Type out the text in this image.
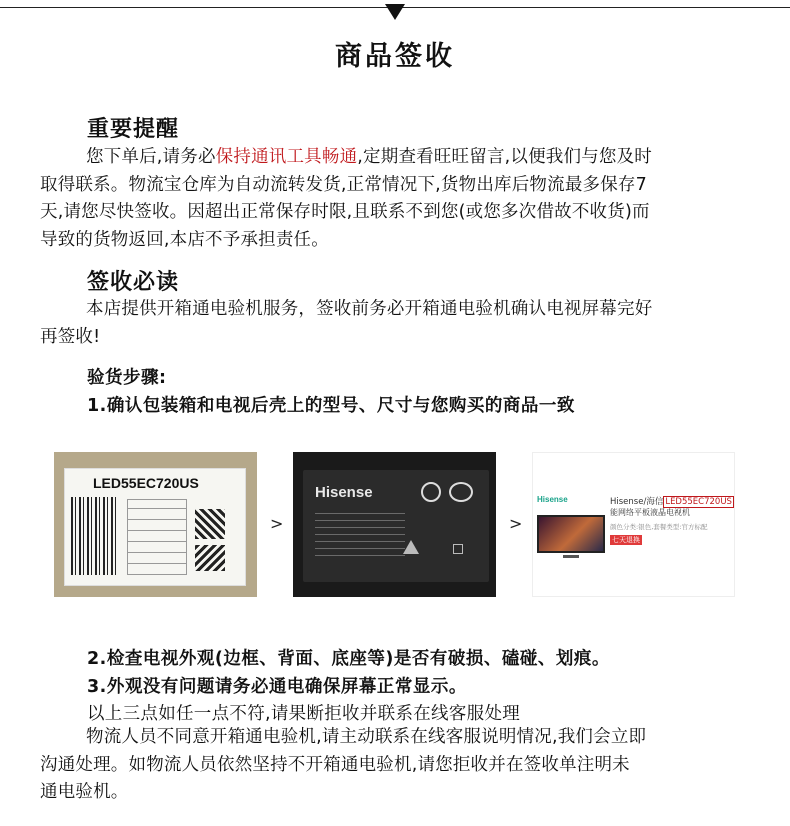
商品签收
重要提醒
您下单后,请务必保持通讯工具畅通,定期查看旺旺留言,以便我们与您及时
取得联系。物流宝仓库为自动流转发货,正常情况下,货物出库后物流最多保存7
天,请您尽快签收。因超出正常保存时限,且联系不到您(或您多次借故不收货)而
导致的货物返回,本店不予承担责任。
签收必读
本店提供开箱通电验机服务，签收前务必开箱通电验机确认电视屏幕完好
再签收!
验货步骤:
1.确认包装箱和电视后壳上的型号、尺寸与您购买的商品一致
LED55EC720US
>
Hisense
>
Hisense	Hisense/海信 LED55EC720US
能网络平板液晶电视机
颜色分类:银色,套餐类型:官方标配
七天退换
2.检查电视外观(边框、背面、底座等)是否有破损、磕碰、划痕。
3.外观没有问题请务必通电确保屏幕正常显示。
以上三点如任一点不符,请果断拒收并联系在线客服处理
物流人员不同意开箱通电验机,请主动联系在线客服说明情况,我们会立即
沟通处理。如物流人员依然坚持不开箱通电验机,请您拒收并在签收单注明未
通电验机。
